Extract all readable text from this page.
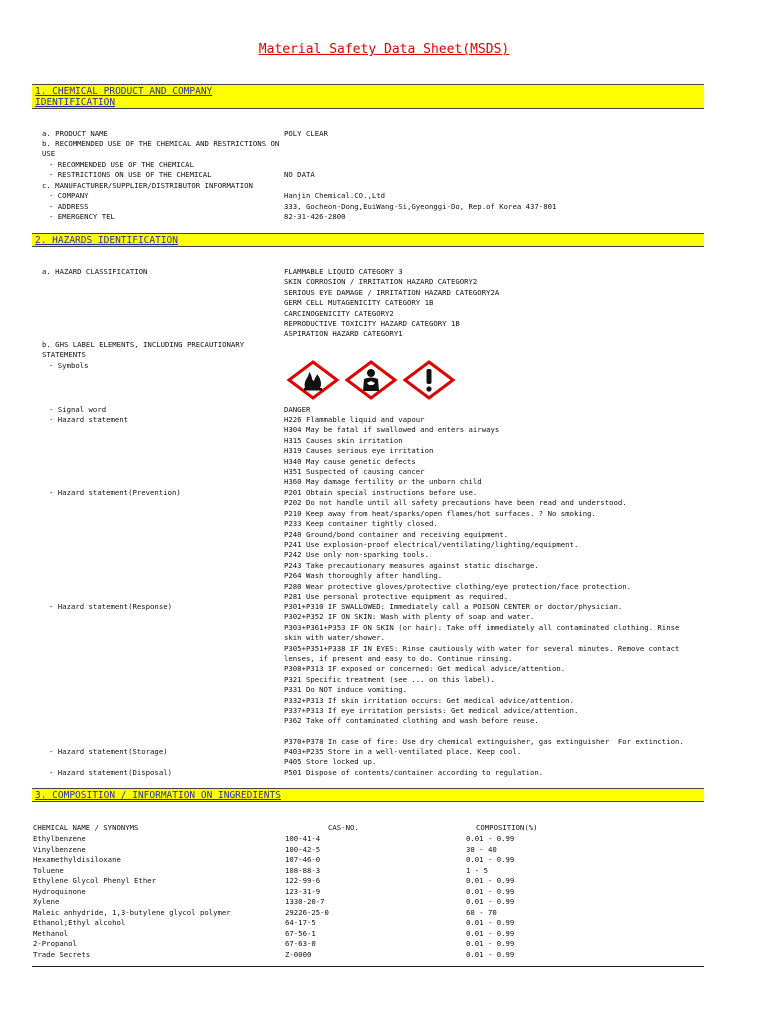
Material Safety Data Sheet(MSDS)
1. CHEMICAL PRODUCT AND COMPANY IDENTIFICATION
a. PRODUCT NAME	POLY CLEAR
b. RECOMMENDED USE OF THE CHEMICAL AND RESTRICTIONS ON USE
- RECOMMENDED USE OF THE CHEMICAL
- RESTRICTIONS ON USE OF THE CHEMICAL	NO DATA
c. MANUFACTURER/SUPPLIER/DISTRIBUTOR INFORMATION
- COMPANY	Hanjin Chemical.CO.,Ltd
- ADDRESS	333, Gocheon-Dong,EuiWang-Si,Gyeonggi-Do, Rep.of Korea 437-801
- EMERGENCY TEL	82-31-426-2800
2. HAZARDS IDENTIFICATION
a. HAZARD CLASSIFICATION	FLAMMABLE LIQUID CATEGORY 3
SKIN CORROSION / IRRITATION HAZARD CATEGORY2
SERIOUS EYE DAMAGE / IRRITATION HAZARD CATEGORY2A
GERM CELL MUTAGENICITY CATEGORY 1B
CARCINOGENICITY CATEGORY2
REPRODUCTIVE TOXICITY HAZARD CATEGORY 1B
ASPIRATION HAZARD CATEGORY1
b. GHS LABEL ELEMENTS, INCLUDING PRECAUTIONARY STATEMENTS
- Symbols
- Signal word	DANGER
- Hazard statement	H226 Flammable liquid and vapour
H304 May be fatal if swallowed and enters airways
H315 Causes skin irritation
H319 Causes serious eye irritation
H340 May cause genetic defects
H351 Suspected of causing cancer
H360 May damage fertility or the unborn child
- Hazard statement(Prevention)	P201 Obtain special instructions before use.
P202 Do not handle until all safety precautions have been read and understood.
P210 Keep away from heat/sparks/open flames/hot surfaces. ? No smoking.
P233 Keep container tightly closed.
P240 Ground/bond container and receiving equipment.
P241 Use explosion-proof electrical/ventilating/lighting/equipment.
P242 Use only non-sparking tools.
P243 Take precautionary measures against static discharge.
P264 Wash thoroughly after handling.
P280 Wear protective gloves/protective clothing/eye protection/face protection.
P281 Use personal protective equipment as required.
- Hazard statement(Response)	P301+P310 IF SWALLOWED: Immediately call a POISON CENTER or doctor/physician.
P302+P352 IF ON SKIN: Wash with plenty of soap and water.
P303+P361+P353 IF ON SKIN (or hair): Take off immediately all contaminated clothing. Rinse
skin with water/shower.
P305+P351+P338 IF IN EYES: Rinse cautiously with water for several minutes. Remove contact
lenses, if present and easy to do. Continue rinsing.
P308+P313 IF exposed or concerned: Get medical advice/attention.
P321 Specific treatment (see ... on this label).
P331 Do NOT induce vomiting.
P332+P313 If skin irritation occurs: Get medical advice/attention.
P337+P313 If eye irritation persists: Get medical advice/attention.
P362 Take off contaminated clothing and wash before reuse.

P370+P378 In case of fire: Use dry chemical extinguisher, gas extinguisher  For extinction.
- Hazard statement(Storage)	P403+P235 Store in a well-ventilated place. Keep cool.
P405 Store locked up.
- Hazard statement(Disposal)	P501 Dispose of contents/container according to regulation.
3. COMPOSITION / INFORMATION ON INGREDIENTS
CHEMICAL NAME / SYNONYMS	CAS-NO.	COMPOSITION(%)
Ethylbenzene	100-41-4	0.01 - 0.99
Vinylbenzene	100-42-5	30 - 40
Hexamethyldisiloxane	107-46-0	0.01 - 0.99
Toluene	108-88-3	1 - 5
Ethylene Glycol Phenyl Ether	122-99-6	0.01 - 0.99
Hydroquinone	123-31-9	0.01 - 0.99
Xylene	1330-20-7	0.01 - 0.99
Maleic anhydride, 1,3-butylene glycol polymer	29226-25-0	60 - 70
Ethanol;Ethyl alcohol	64-17-5	0.01 - 0.99
Methanol	67-56-1	0.01 - 0.99
2-Propanol	67-63-0	0.01 - 0.99
Trade Secrets	Z-0000	0.01 - 0.99
